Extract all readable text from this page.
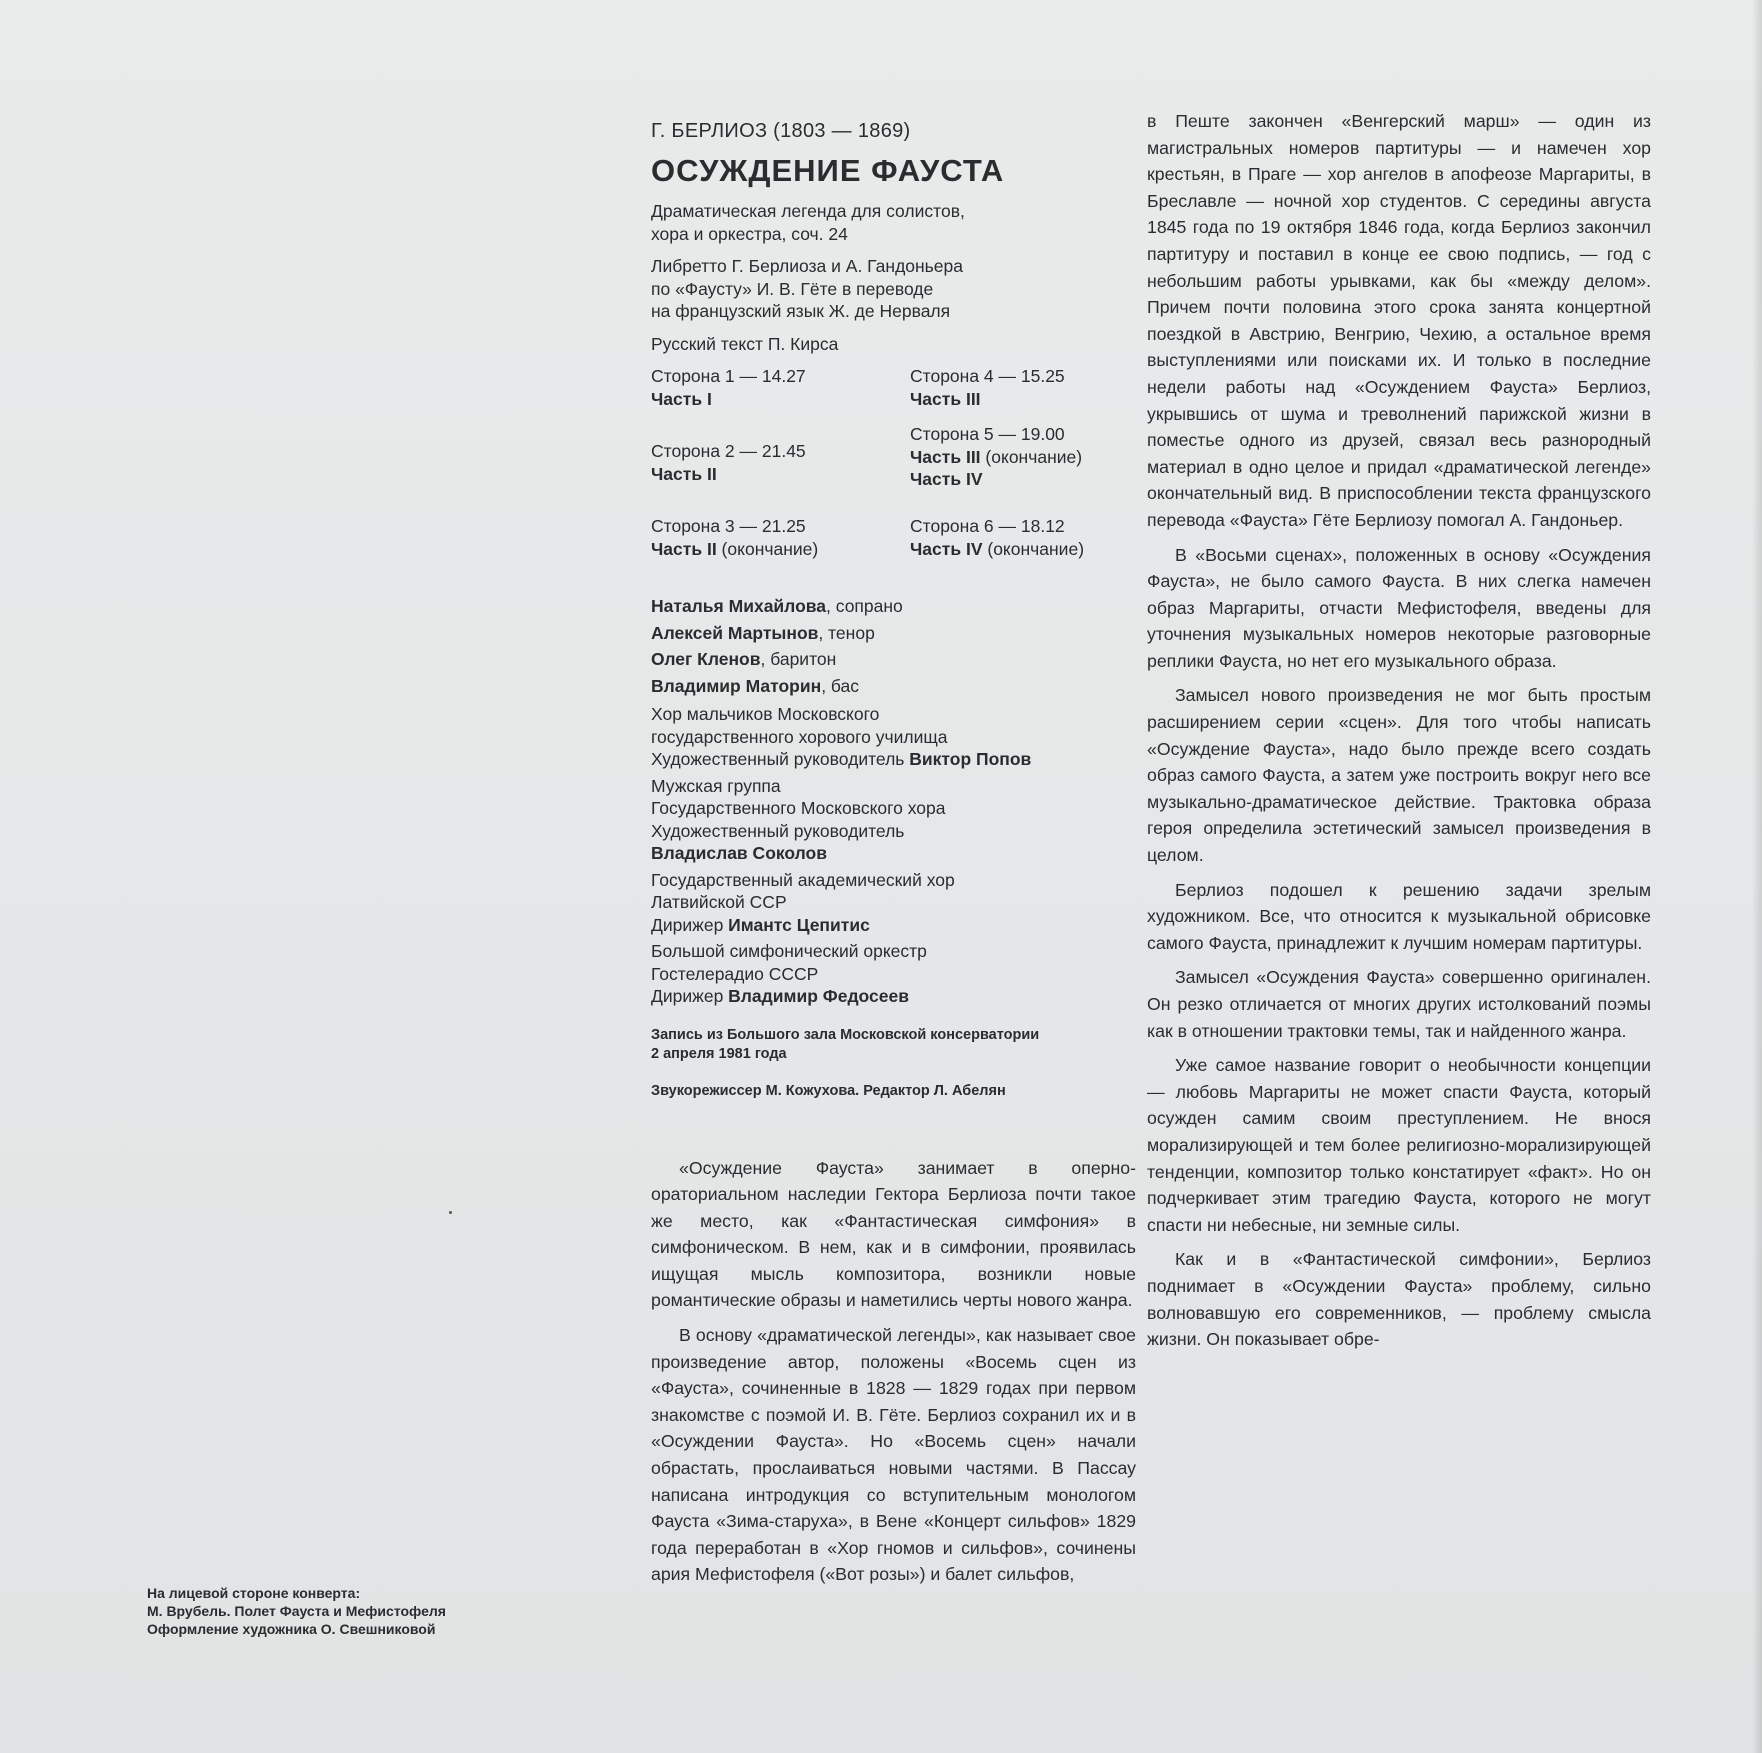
Г. БЕРЛИОЗ (1803 — 1869)
ОСУЖДЕНИЕ ФАУСТА

Драматическая легенда для солистов,

хора и оркестра, соч. 24

Либретто Г. Берлиоза и А. Гандоньера

по «Фаусту» И. В. Гёте в переводе

на французский язык Ж. де Нерваля

Русский текст П. Кирса

Сторона 1 — 14.27
Часть I
Сторона 2 — 21.45
Часть II
Сторона 3 — 21.25
Часть II (окончание)
Сторона 4 — 15.25
Часть III
Сторона 5 — 19.00
Часть III (окончание)
Часть IV
Сторона 6 — 18.12
Часть IV (окончание)

Наталья Михайлова, сопрано

Алексей Мартынов, тенор

Олег Кленов, баритон

Владимир Маторин, бас

Хор мальчиков Московского
государственного хорового училища
Художественный руководитель Виктор Попов
Мужская группа
Государственного Московского хора
Художественный руководитель
Владислав Соколов
Государственный академический хор
Латвийской ССР
Дирижер Имантс Цепитис
Большой симфонический оркестр
Гостелерадио СССР
Дирижер Владимир Федосеев
Запись из Большого зала Московской консерватории
2 апреля 1981 года
Звукорежиссер М. Кожухова. Редактор Л. Абелян

«Осуждение Фауста» занимает в оперно-ораториальном наследии Гектора Берлиоза почти такое же место, как «Фантастическая симфония» в симфоническом. В нем, как и в симфонии, проявилась ищущая мысль композитора, возникли новые романтические образы и наметились черты нового жанра.

В основу «драматической легенды», как называет свое произведение автор, положены «Восемь сцен из «Фауста», сочиненные в 1828 — 1829 годах при первом знакомстве с поэмой И. В. Гёте. Берлиоз сохранил их и в «Осуждении Фауста». Но «Восемь сцен» начали обрастать, прослаиваться новыми частями. В Пассау написана интродукция со вступительным монологом Фауста «Зима-старуха», в Вене «Концерт сильфов» 1829 года переработан в «Хор гномов и сильфов», сочинены ария Мефистофеля («Вот розы») и балет сильфов,

в Пеште закончен «Венгерский марш» — один из магистральных номеров партитуры — и намечен хор крестьян, в Праге — хор ангелов в апофеозе Маргариты, в Бреславле — ночной хор студентов. С середины августа 1845 года по 19 октября 1846 года, когда Берлиоз закончил партитуру и поставил в конце ее свою подпись, — год с небольшим работы урывками, как бы «между делом». Причем почти половина этого срока занята концертной поездкой в Австрию, Венгрию, Чехию, а остальное время выступлениями или поисками их. И только в последние недели работы над «Осуждением Фауста» Берлиоз, укрывшись от шума и треволнений парижской жизни в поместье одного из друзей, связал весь разнородный материал в одно целое и придал «драматической легенде» окончательный вид. В приспособлении текста французского перевода «Фауста» Гёте Берлиозу помогал А. Гандоньер.

В «Восьми сценах», положенных в основу «Осуждения Фауста», не было самого Фауста. В них слегка намечен образ Маргариты, отчасти Мефистофеля, введены для уточнения музыкальных номеров некоторые разговорные реплики Фауста, но нет его музыкального образа.

Замысел нового произведения не мог быть простым расширением серии «сцен». Для того чтобы написать «Осуждение Фауста», надо было прежде всего создать образ самого Фауста, а затем уже построить вокруг него все музыкально-драматическое действие. Трактовка образа героя определила эстетический замысел произведения в целом.

Берлиоз подошел к решению задачи зрелым художником. Все, что относится к музыкальной обрисовке самого Фауста, принадлежит к лучшим номерам партитуры.

Замысел «Осуждения Фауста» совершенно оригинален. Он резко отличается от многих других истолкований поэмы как в отношении трактовки темы, так и найденного жанра.

Уже самое название говорит о необычности концепции — любовь Маргариты не может спасти Фауста, который осужден самим своим преступлением. Не внося морализирующей и тем более религиозно-морализирующей тенденции, композитор только констатирует «факт». Но он подчеркивает этим трагедию Фауста, которого не могут спасти ни небесные, ни земные силы.

Как и в «Фантастической симфонии», Берлиоз поднимает в «Осуждении Фауста» проблему, сильно волновавшую его современников, — проблему смысла жизни. Он показывает обре-

На лицевой стороне конверта:
М. Врубель. Полет Фауста и Мефистофеля
Оформление художника О. Свешниковой
